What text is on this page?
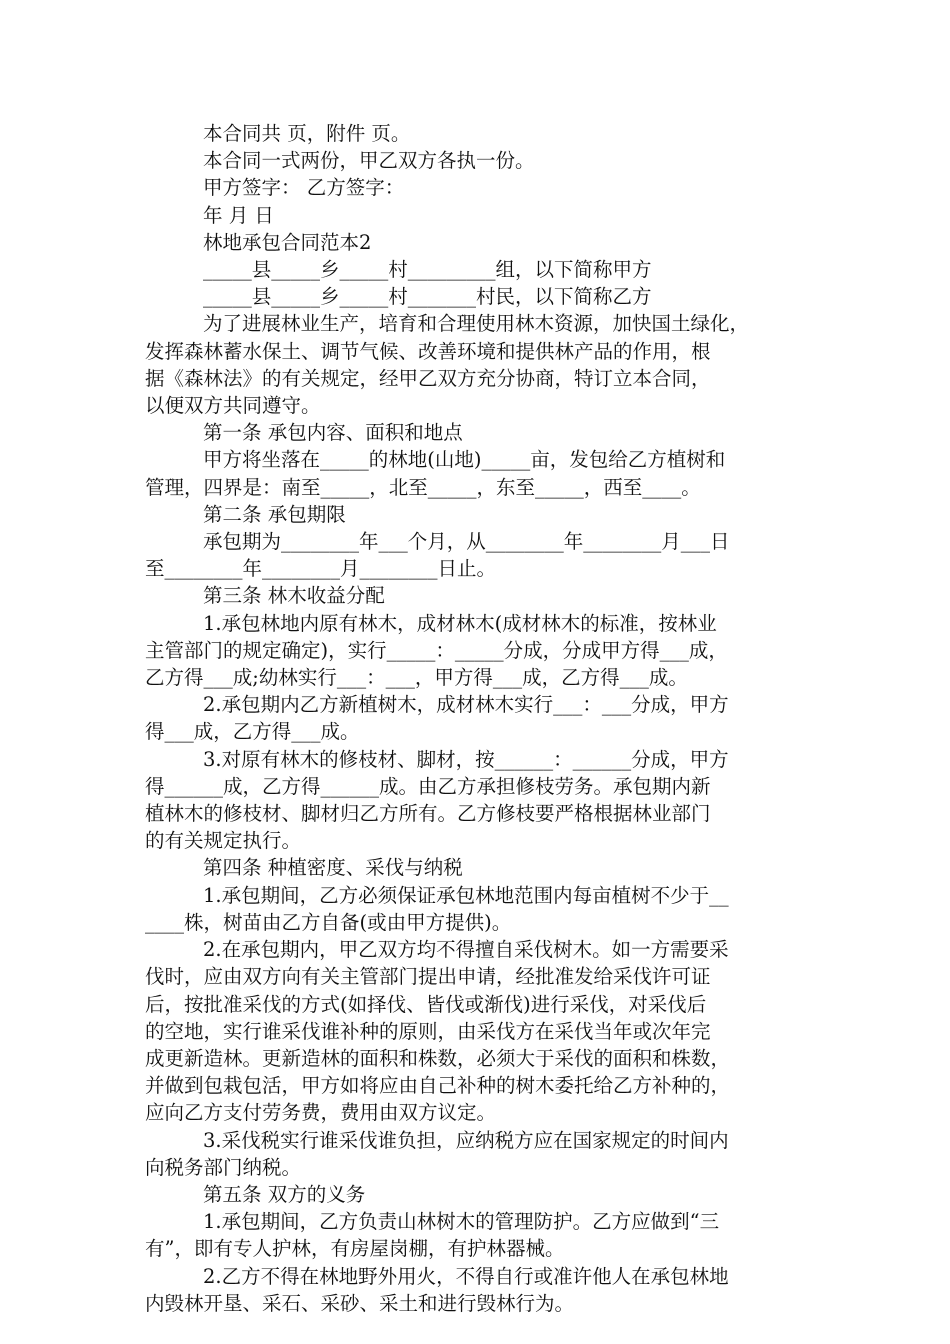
本合同共 页，附件 页。
本合同一式两份，甲乙双方各执一份。
甲方签字： 乙方签字：
年 月 日
林地承包合同范本2
_____县_____乡_____村_________组，以下简称甲方
_____县_____乡_____村_______村民，以下简称乙方
为了进展林业生产，培育和合理使用林木资源，加快国土绿化，
发挥森林蓄水保土、调节气候、改善环境和提供林产品的作用，根
据《森林法》的有关规定，经甲乙双方充分协商，特订立本合同，
以便双方共同遵守。
第一条 承包内容、面积和地点
甲方将坐落在_____的林地(山地)_____亩，发包给乙方植树和
管理，四界是：南至_____，北至_____，东至_____，西至____。
第二条 承包期限
承包期为________年___个月，从________年________月___日
至________年________月________日止。
第三条 林木收益分配
1.承包林地内原有林木，成材林木(成材林木的标准，按林业
主管部门的规定确定)，实行_____：_____分成，分成甲方得___成，
乙方得___成;幼林实行___：___，甲方得___成，乙方得___成。
2.承包期内乙方新植树木，成材林木实行___：___分成，甲方
得___成，乙方得___成。
3.对原有林木的修枝材、脚材，按______：______分成，甲方
得______成，乙方得______成。由乙方承担修枝劳务。承包期内新
植林木的修枝材、脚材归乙方所有。乙方修枝要严格根据林业部门
的有关规定执行。
第四条 种植密度、采伐与纳税
1.承包期间，乙方必须保证承包林地范围内每亩植树不少于__
____株，树苗由乙方自备(或由甲方提供)。
2.在承包期内，甲乙双方均不得擅自采伐树木。如一方需要采
伐时，应由双方向有关主管部门提出申请，经批准发给采伐许可证
后，按批准采伐的方式(如择伐、皆伐或渐伐)进行采伐，对采伐后
的空地，实行谁采伐谁补种的原则，由采伐方在采伐当年或次年完
成更新造林。更新造林的面积和株数，必须大于采伐的面积和株数，
并做到包栽包活，甲方如将应由自己补种的树木委托给乙方补种的，
应向乙方支付劳务费，费用由双方议定。
3.采伐税实行谁采伐谁负担，应纳税方应在国家规定的时间内
向税务部门纳税。
第五条 双方的义务
1.承包期间，乙方负责山林树木的管理防护。乙方应做到“三
有”，即有专人护林，有房屋岗棚，有护林器械。
2.乙方不得在林地野外用火，不得自行或准许他人在承包林地
内毁林开垦、采石、采砂、采土和进行毁林行为。
